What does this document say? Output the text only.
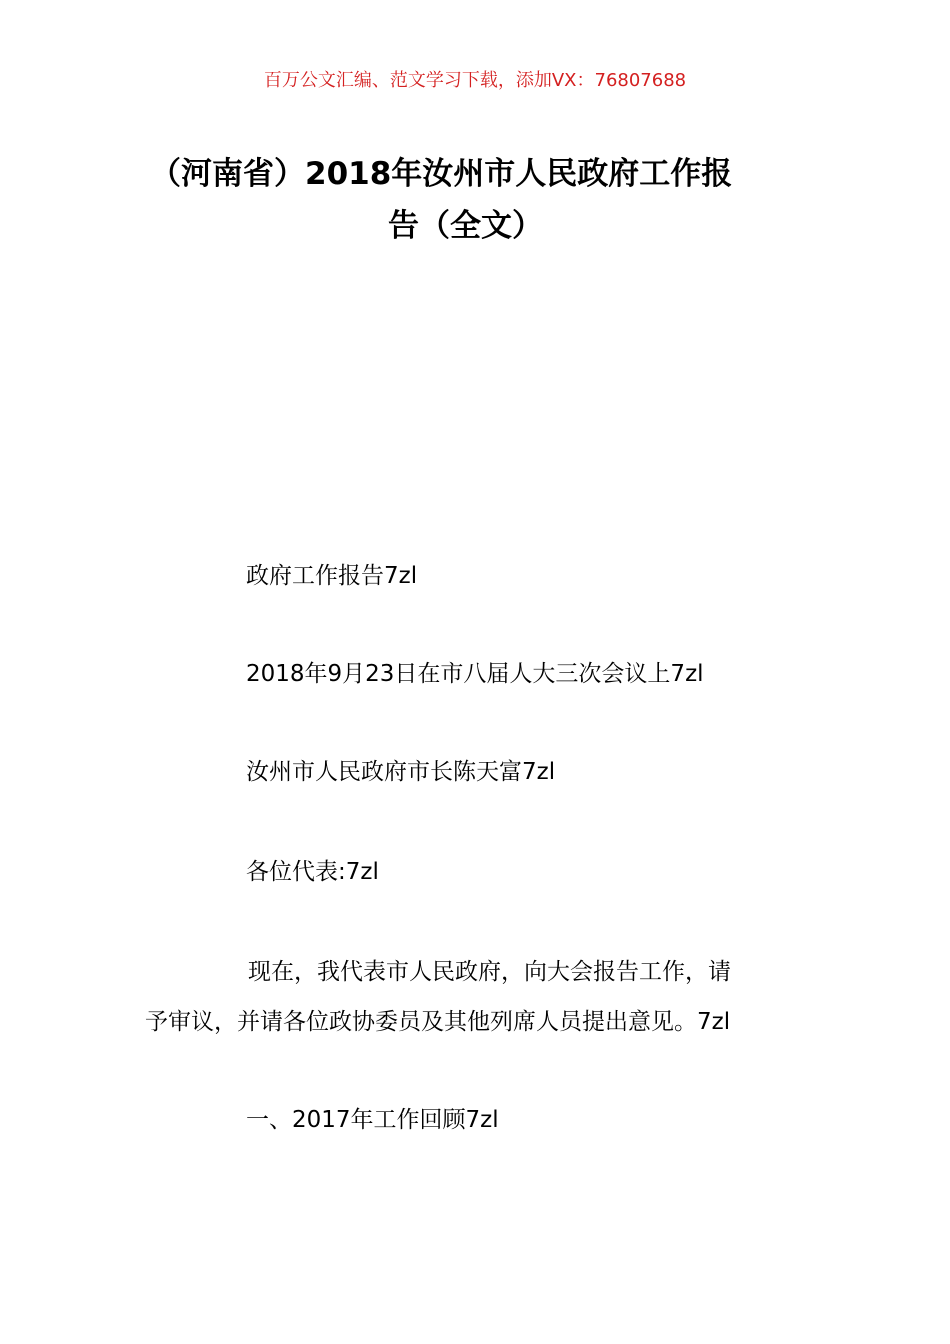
百万公文汇编、范文学习下载，添加VX：76807688
（河南省）2018年汝州市人民政府工作报
告（全文）
政府工作报告7zl
2018年9月23日在市八届人大三次会议上7zl
汝州市人民政府市长陈天富7zl
各位代表:7zl
现在，我代表市人民政府，向大会报告工作，请
予审议，并请各位政协委员及其他列席人员提出意见。7zl
一、2017年工作回顾7zl
